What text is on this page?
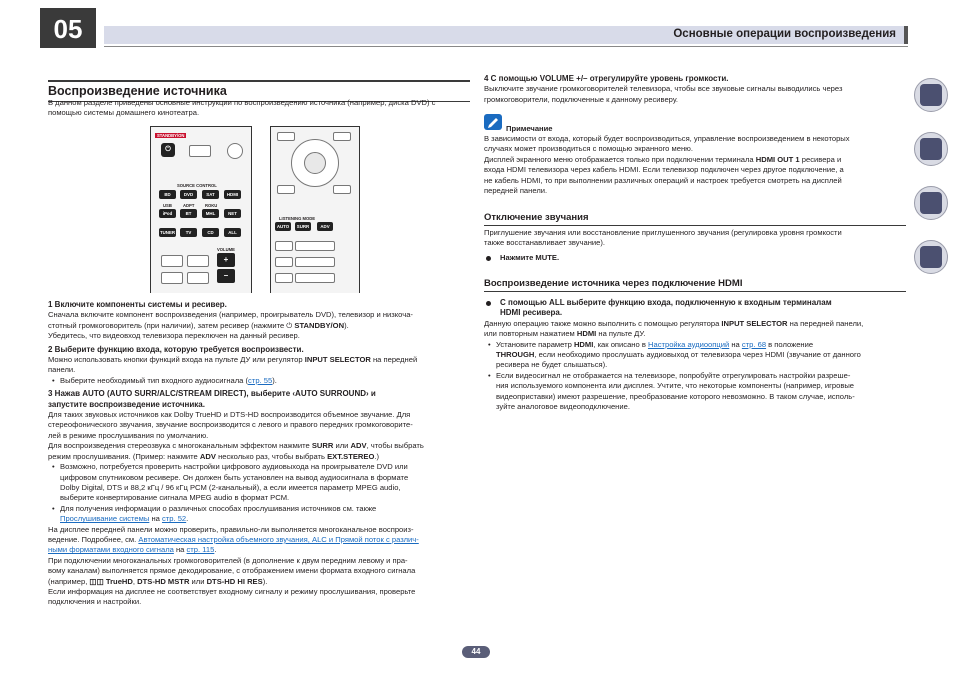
05	Основные операции воспроизведения
Воспроизведение источника
В данном разделе приведены основные инструкции по воспроизведению источника (например, диска DVD) с помощью системы домашнего кинотеатра.
STANDBY/ON
⏻
SOURCE CONTROL
BD	DVD	SAT	HDMI
USB	ADPT	ROKU
iPod	BT	MHL	NET
TUNER	TV	CD	ALL
VOLUME
+
–
LISTENING MODE
AUTO	SURR	ADV
1 Включите компоненты системы и ресивер.
Сначала включите компонент воспроизведения (например, проигрыватель DVD), телевизор и низкоча-
стотный громкоговоритель (при наличии), затем ресивер (нажмите ⏻ STANDBY/ON).
Убедитесь, что видеовход телевизора переключен на данный ресивер.
2 Выберите функцию входа, которую требуется воспроизвести.
Можно использовать кнопки функций входа на пульте ДУ или регулятор INPUT SELECTOR на передней
панели.
• Выберите необходимый тип входного аудиосигнала (стр. 55).
3 Нажав AUTO (AUTO SURR/ALC/STREAM DIRECT), выберите ‹AUTO SURROUND› и
запустите воспроизведение источника.
Для таких звуковых источников как Dolby TrueHD и DTS-HD воспроизводится объемное звучание. Для
стереофонического звучания, звучание воспроизводится с левого и правого передних громкоговорите-
лей в режиме прослушивания по умолчанию.
Для воспроизведения стереозвука с многоканальным эффектом нажмите SURR или ADV, чтобы выбрать
режим прослушивания. (Пример: нажмите ADV несколько раз, чтобы выбрать EXT.STEREO.)
• Возможно, потребуется проверить настройки цифрового аудиовыхода на проигрывателе DVD или
цифровом спутниковом ресивере. Он должен быть установлен на вывод аудиосигнала в формате
Dolby Digital, DTS и 88,2 кГц / 96 кГц PCM (2-канальный), а если имеется параметр MPEG audio,
выберите конвертирование сигнала MPEG audio в формат PCM.
• Для получения информации о различных способах прослушивания источников см. также
Прослушивание системы на стр. 52.
На дисплее передней панели можно проверить, правильно-ли выполняется многоканальное воспроиз-
ведение. Подробнее, см. Автоматическая настройка объемного звучания, ALC и Прямой поток с различ-
ными форматами входного сигнала на стр. 115.
При подключении многоканальных громкоговорителей (в дополнение к двум передним левому и пра-
вому каналам) выполняется прямое декодирование, с отображением имени формата входного сигнала
(например, ◫◫ TrueHD, DTS-HD MSTR или DTS-HD HI RES).
Если информация на дисплее не соответствует входному сигналу и режиму прослушивания, проверьте
подключения и настройки.
4 С помощью VOLUME +/– отрегулируйте уровень громкости.
Выключите звучание громкоговорителей телевизора, чтобы все звуковые сигналы выводились через
громкоговорители, подключенные к данному ресиверу.
Примечание
В зависимости от входа, который будет воспроизводиться, управление воспроизведением в некоторых
случаях может производиться с помощью экранного меню.
Дисплей экранного меню отображается только при подключении терминала HDMI OUT 1 ресивера и
входа HDMI телевизора через кабель HDMI. Если телевизор подключен через другое подключение, а
не кабель HDMI, то при выполнении различных операций и настроек требуется смотреть на дисплей
передней панели.
Отключение звучания
Приглушение звучания или восстановление приглушенного звучания (регулировка уровня громкости
также восстанавливает звучание).
Нажмите MUTE.
Воспроизведение источника через подключение HDMI
С помощью ALL выберите функцию входа, подключенную к входным терминалам
HDMI ресивера.
Данную операцию также можно выполнить с помощью регулятора INPUT SELECTOR на передней панели,
или повторным нажатием HDMI на пульте ДУ.
• Установите параметр HDMI, как описано в Настройка аудиоопций на стр. 68 в положение
THROUGH, если необходимо прослушать аудиовыход от телевизора через HDMI (звучание от данного
ресивера не будет слышаться).
• Если видеосигнал не отображается на телевизоре, попробуйте отрегулировать настройки разреше-
ния используемого компонента или дисплея. Учтите, что некоторые компоненты (например, игровые
видеоприставки) имеют разрешение, преобразование которого невозможно. В таком случае, исполь-
зуйте аналоговое видеоподключение.
44
